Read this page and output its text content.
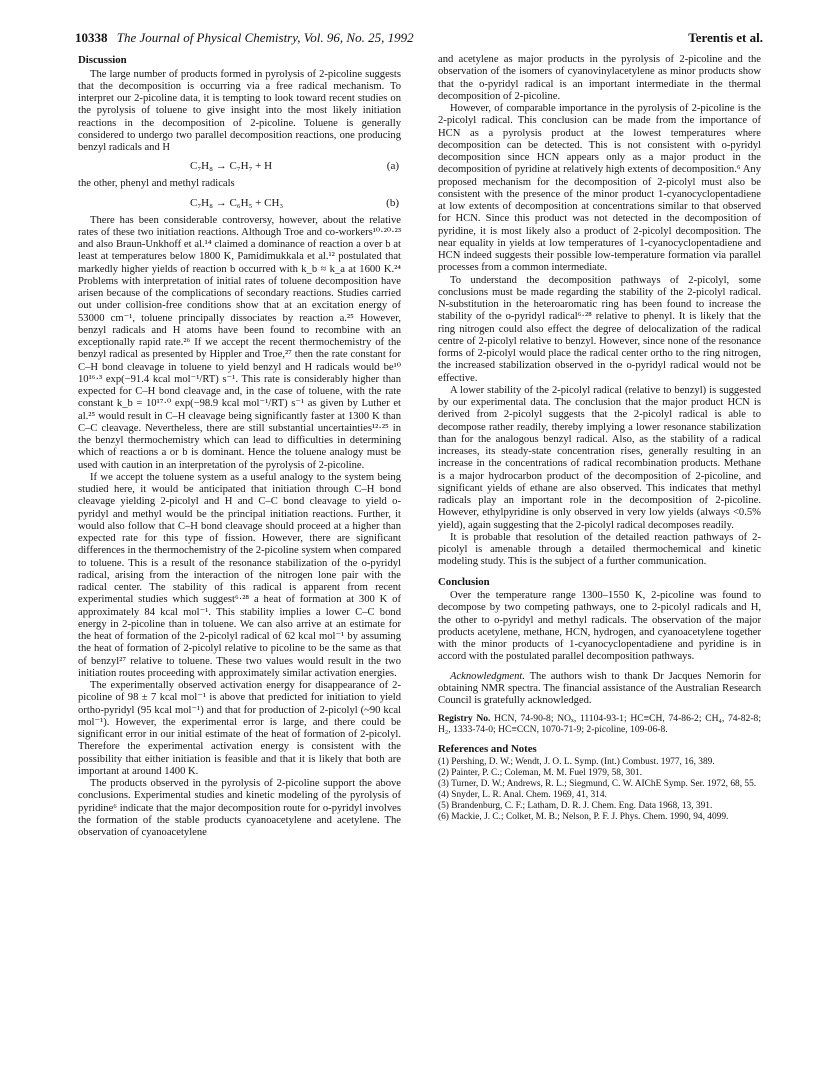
10338 The Journal of Physical Chemistry, Vol. 96, No. 25, 1992	Terentis et al.
Discussion

The large number of products formed in pyrolysis of 2-picoline suggests that the decomposition is occurring via a free radical mechanism. To interpret our 2-picoline data, it is tempting to look toward recent studies on the pyrolysis of toluene to give insight into the most likely initiation reactions in the decomposition of 2-picoline. Toluene is generally considered to undergo two parallel decomposition reactions, one producing benzyl radicals and H

C₇H₈ → C₇H₇ + H	(a)

the other, phenyl and methyl radicals

C₇H₈ → C₆H₅ + CH₃	(b)

There has been considerable controversy, however, about the relative rates of these two initiation reactions. Although Troe and co-workers¹⁰·²⁰·²³ and also Braun-Unkhoff et al.¹⁴ claimed a dominance of reaction a over b at least at temperatures below 1800 K, Pamidimukkala et al.¹² postulated that markedly higher yields of reaction b occurred with k_b ≈ k_a at 1600 K.²⁴ Problems with interpretation of initial rates of toluene decomposition have arisen because of the complications of secondary reactions. Studies carried out under collision-free conditions show that at an excitation energy of 53000 cm⁻¹, toluene principally dissociates by reaction a.²⁵ However, benzyl radicals and H atoms have been found to recombine with an exceptionally rapid rate.²⁶ If we accept the recent thermochemistry of the benzyl radical as presented by Hippler and Troe,²⁷ then the rate constant for C–H bond cleavage in toluene to yield benzyl and H radicals would be¹⁰ 10¹⁶·³ exp(−91.4 kcal mol⁻¹/RT) s⁻¹. This rate is considerably higher than expected for C–H bond cleavage and, in the case of toluene, with the rate constant k_b = 10¹⁷·⁰ exp(−98.9 kcal mol⁻¹/RT) s⁻¹ as given by Luther et al.²⁵ would result in C–H cleavage being significantly faster at 1300 K than C–C cleavage. Nevertheless, there are still substantial uncertainties¹²·²⁵ in the benzyl thermochemistry which can lead to difficulties in determining which of reactions a or b is dominant. Hence the toluene analogy must be used with caution in an interpretation of the pyrolysis of 2-picoline.

If we accept the toluene system as a useful analogy to the system being studied here, it would be anticipated that initiation through C–H bond cleavage yielding 2-picolyl and H and C–C bond cleavage to yield o-pyridyl and methyl would be the principal initiation reactions. Further, it would also follow that C–H bond cleavage should proceed at a higher than expected rate for this type of fission. However, there are significant differences in the thermochemistry of the 2-picoline system when compared to toluene. This is a result of the resonance stabilization of the o-pyridyl radical, arising from the interaction of the nitrogen lone pair with the radical center. The stability of this radical is apparent from recent experimental studies which suggest⁶·²⁸ a heat of formation at 300 K of approximately 84 kcal mol⁻¹. This stability implies a lower C–C bond energy in 2-picoline than in toluene. We can also arrive at an estimate for the heat of formation of the 2-picolyl radical of 62 kcal mol⁻¹ by assuming the heat of formation of 2-picolyl relative to picoline to be the same as that of benzyl²⁷ relative to toluene. These two values would result in the two initiation routes proceeding with approximately similar activation energies.

The experimentally observed activation energy for disappearance of 2-picoline of 98 ± 7 kcal mol⁻¹ is above that predicted for initiation to yield ortho-pyridyl (95 kcal mol⁻¹) and that for production of 2-picolyl (~90 kcal mol⁻¹). However, the experimental error is large, and there could be significant error in our initial estimate of the heat of formation of 2-picolyl. Therefore the experimental activation energy is consistent with the possibility that either initiation is feasible and that it is likely that both are important at around 1400 K.

The products observed in the pyrolysis of 2-picoline support the above conclusions. Experimental studies and kinetic modeling of the pyrolysis of pyridine⁶ indicate that the major decomposition route for o-pyridyl involves the formation of the stable products cyanoacetylene and acetylene. The observation of cyanoacetylene

and acetylene as major products in the pyrolysis of 2-picoline and the observation of the isomers of cyanovinylacetylene as minor products show that the o-pyridyl radical is an important intermediate in the thermal decomposition of 2-picoline.

However, of comparable importance in the pyrolysis of 2-picoline is the 2-picolyl radical. This conclusion can be made from the importance of HCN as a pyrolysis product at the lowest temperatures where decomposition can be detected. This is not consistent with o-pyridyl decomposition since HCN appears only as a major product in the decomposition of pyridine at relatively high extents of decomposition.⁶ Any proposed mechanism for the decomposition of 2-picolyl must also be consistent with the presence of the minor product 1-cyanocyclopentadiene at low extents of decomposition at concentrations similar to that observed for HCN. Since this product was not detected in the decomposition of pyridine, it is most likely also a product of 2-picolyl decomposition. The near equality in yields at low temperatures of 1-cyanocyclopentadiene and HCN indeed suggests their possible low-temperature formation via parallel processes from a common intermediate.

To understand the decomposition pathways of 2-picolyl, some conclusions must be made regarding the stability of the 2-picolyl radical. N-substitution in the heteroaromatic ring has been found to increase the stability of the o-pyridyl radical⁶·²⁸ relative to phenyl. It is likely that the ring nitrogen could also effect the degree of delocalization of the radical centre of 2-picolyl relative to benzyl. However, since none of the resonance forms of 2-picolyl would place the radical center ortho to the ring nitrogen, the increased stabilization observed in the o-pyridyl radical would not be effective.

A lower stability of the 2-picolyl radical (relative to benzyl) is suggested by our experimental data. The conclusion that the major product HCN is derived from 2-picolyl suggests that the 2-picolyl radical is able to decompose rather readily, thereby implying a lower resonance stabilization than for the analogous benzyl radical. Also, as the stability of a radical increases, its steady-state concentration rises, generally resulting in an increase in the concentrations of radical recombination products. Methane is a major hydrocarbon product of the decomposition of 2-picoline, and significant yields of ethane are also observed. This indicates that methyl radicals play an important role in the decomposition of 2-picoline. However, ethylpyridine is only observed in very low yields (always <0.5% yield), again suggesting that the 2-picolyl radical decomposes readily.

It is probable that resolution of the detailed reaction pathways of 2-picolyl is amenable through a detailed thermochemical and kinetic modeling study. This is the subject of a further communication.

Conclusion

Over the temperature range 1300–1550 K, 2-picoline was found to decompose by two competing pathways, one to 2-picolyl radicals and H, the other to o-pyridyl and methyl radicals. The observation of the major products acetylene, methane, HCN, hydrogen, and cyanoacetylene together with the minor products of 1-cyanocyclopentadiene and pyridine is in accord with the postulated parallel decomposition pathways.

Acknowledgment. The authors wish to thank Dr Jacques Nemorin for obtaining NMR spectra. The financial assistance of the Australian Research Council is gratefully acknowledged.

Registry No. HCN, 74-90-8; NOₓ, 11104-93-1; HC≡CH, 74-86-2; CH₄, 74-82-8; H₂, 1333-74-0; HC≡CCN, 1070-71-9; 2-picoline, 109-06-8.

References and Notes
(1) Pershing, D. W.; Wendt, J. O. L. Symp. (Int.) Combust. 1977, 16, 389.
(2) Painter, P. C.; Coleman, M. M. Fuel 1979, 58, 301.
(3) Turner, D. W.; Andrews, R. L.; Siegmund, C. W. AIChE Symp. Ser. 1972, 68, 55.
(4) Snyder, L. R. Anal. Chem. 1969, 41, 314.
(5) Brandenburg, C. F.; Latham, D. R. J. Chem. Eng. Data 1968, 13, 391.
(6) Mackie, J. C.; Colket, M. B.; Nelson, P. F. J. Phys. Chem. 1990, 94, 4099.
